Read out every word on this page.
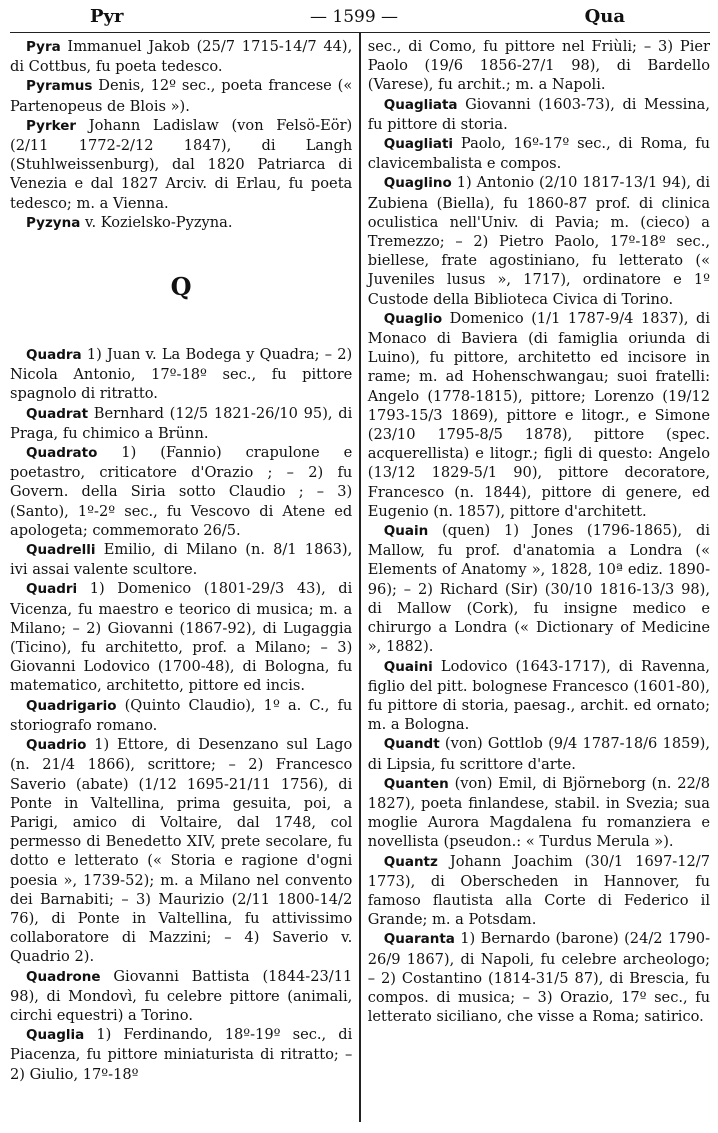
Pyr	— 1599 —	Qua

Pyra Immanuel Jakob (25/7 1715-14/7 44), di Cottbus, fu poeta tedesco.

Pyramus Denis, 12º sec., poeta francese (« Partenopeus de Blois »).

Pyrker Johann Ladislaw (von Felsö-Eör) (2/11 1772-2/12 1847), di Langh (Stuhlweissenburg), dal 1820 Patriarca di Venezia e dal 1827 Arciv. di Erlau, fu poeta tedesco; m. a Vienna.

Pyzyna v. Kozielsko-Pyzyna.

Q

Quadra 1) Juan v. La Bodega y Quadra; – 2) Nicola Antonio, 17º-18º sec., fu pittore spagnolo di ritratto.

Quadrat Bernhard (12/5 1821-26/10 95), di Praga, fu chimico a Brünn.

Quadrato 1) (Fannio) crapulone e poetastro, criticatore d'Orazio ; – 2) fu Govern. della Siria sotto Claudio ; – 3) (Santo), 1º-2º sec., fu Vescovo di Atene ed apologeta; commemorato 26/5.

Quadrelli Emilio, di Milano (n. 8/1 1863), ivi assai valente scultore.

Quadri 1) Domenico (1801-29/3 43), di Vicenza, fu maestro e teorico di musica; m. a Milano; – 2) Giovanni (1867-92), di Lugaggia (Ticino), fu architetto, prof. a Milano; – 3) Giovanni Lodovico (1700-48), di Bologna, fu matematico, architetto, pittore ed incis.

Quadrigario (Quinto Claudio), 1º a. C., fu storiografo romano.

Quadrio 1) Ettore, di Desenzano sul Lago (n. 21/4 1866), scrittore; – 2) Francesco Saverio (abate) (1/12 1695-21/11 1756), di Ponte in Valtellina, prima gesuita, poi, a Parigi, amico di Voltaire, dal 1748, col permesso di Benedetto XIV, prete secolare, fu dotto e letterato (« Storia e ragione d'ogni poesia », 1739-52); m. a Milano nel convento dei Barnabiti; – 3) Maurizio (2/11 1800-14/2 76), di Ponte in Valtellina, fu attivissimo collaboratore di Mazzini; – 4) Saverio v. Quadrio 2).

Quadrone Giovanni Battista (1844-23/11 98), di Mondovì, fu celebre pittore (animali, circhi equestri) a Torino.

Quaglia 1) Ferdinando, 18º-19º sec., di Piacenza, fu pittore miniaturista di ritratto; – 2) Giulio, 17º-18º

sec., di Como, fu pittore nel Friùli; – 3) Pier Paolo (19/6 1856-27/1 98), di Bardello (Varese), fu archit.; m. a Napoli.

Quagliata Giovanni (1603-73), di Messina, fu pittore di storia.

Quagliati Paolo, 16º-17º sec., di Roma, fu clavicembalista e compos.

Quaglino 1) Antonio (2/10 1817-13/1 94), di Zubiena (Biella), fu 1860-87 prof. di clinica oculistica nell'Univ. di Pavia; m. (cieco) a Tremezzo; – 2) Pietro Paolo, 17º-18º sec., biellese, frate agostiniano, fu letterato (« Juveniles lusus », 1717), ordinatore e 1º Custode della Biblioteca Civica di Torino.

Quaglio Domenico (1/1 1787-9/4 1837), di Monaco di Baviera (di famiglia oriunda di Luino), fu pittore, architetto ed incisore in rame; m. ad Hohenschwangau; suoi fratelli: Angelo (1778-1815), pittore; Lorenzo (19/12 1793-15/3 1869), pittore e litogr., e Simone (23/10 1795-8/5 1878), pittore (spec. acquerellista) e litogr.; figli di questo: Angelo (13/12 1829-5/1 90), pittore decoratore, Francesco (n. 1844), pittore di genere, ed Eugenio (n. 1857), pittore d'architett.

Quain (quen) 1) Jones (1796-1865), di Mallow, fu prof. d'anatomia a Londra (« Elements of Anatomy », 1828, 10ª ediz. 1890-96); – 2) Richard (Sir) (30/10 1816-13/3 98), di Mallow (Cork), fu insigne medico e chirurgo a Londra (« Dictionary of Medicine », 1882).

Quaini Lodovico (1643-1717), di Ravenna, figlio del pitt. bolognese Francesco (1601-80), fu pittore di storia, paesag., archit. ed ornato; m. a Bologna.

Quandt (von) Gottlob (9/4 1787-18/6 1859), di Lipsia, fu scrittore d'arte.

Quanten (von) Emil, di Björneborg (n. 22/8 1827), poeta finlandese, stabil. in Svezia; sua moglie Aurora Magdalena fu romanziera e novellista (pseudon.: « Turdus Merula »).

Quantz Johann Joachim (30/1 1697-12/7 1773), di Oberscheden in Hannover, fu famoso flautista alla Corte di Federico il Grande; m. a Potsdam.

Quaranta 1) Bernardo (barone) (24/2 1790-26/9 1867), di Napoli, fu celebre archeologo; – 2) Costantino (1814-31/5 87), di Brescia, fu compos. di musica; – 3) Orazio, 17º sec., fu letterato siciliano, che visse a Roma; satirico.
